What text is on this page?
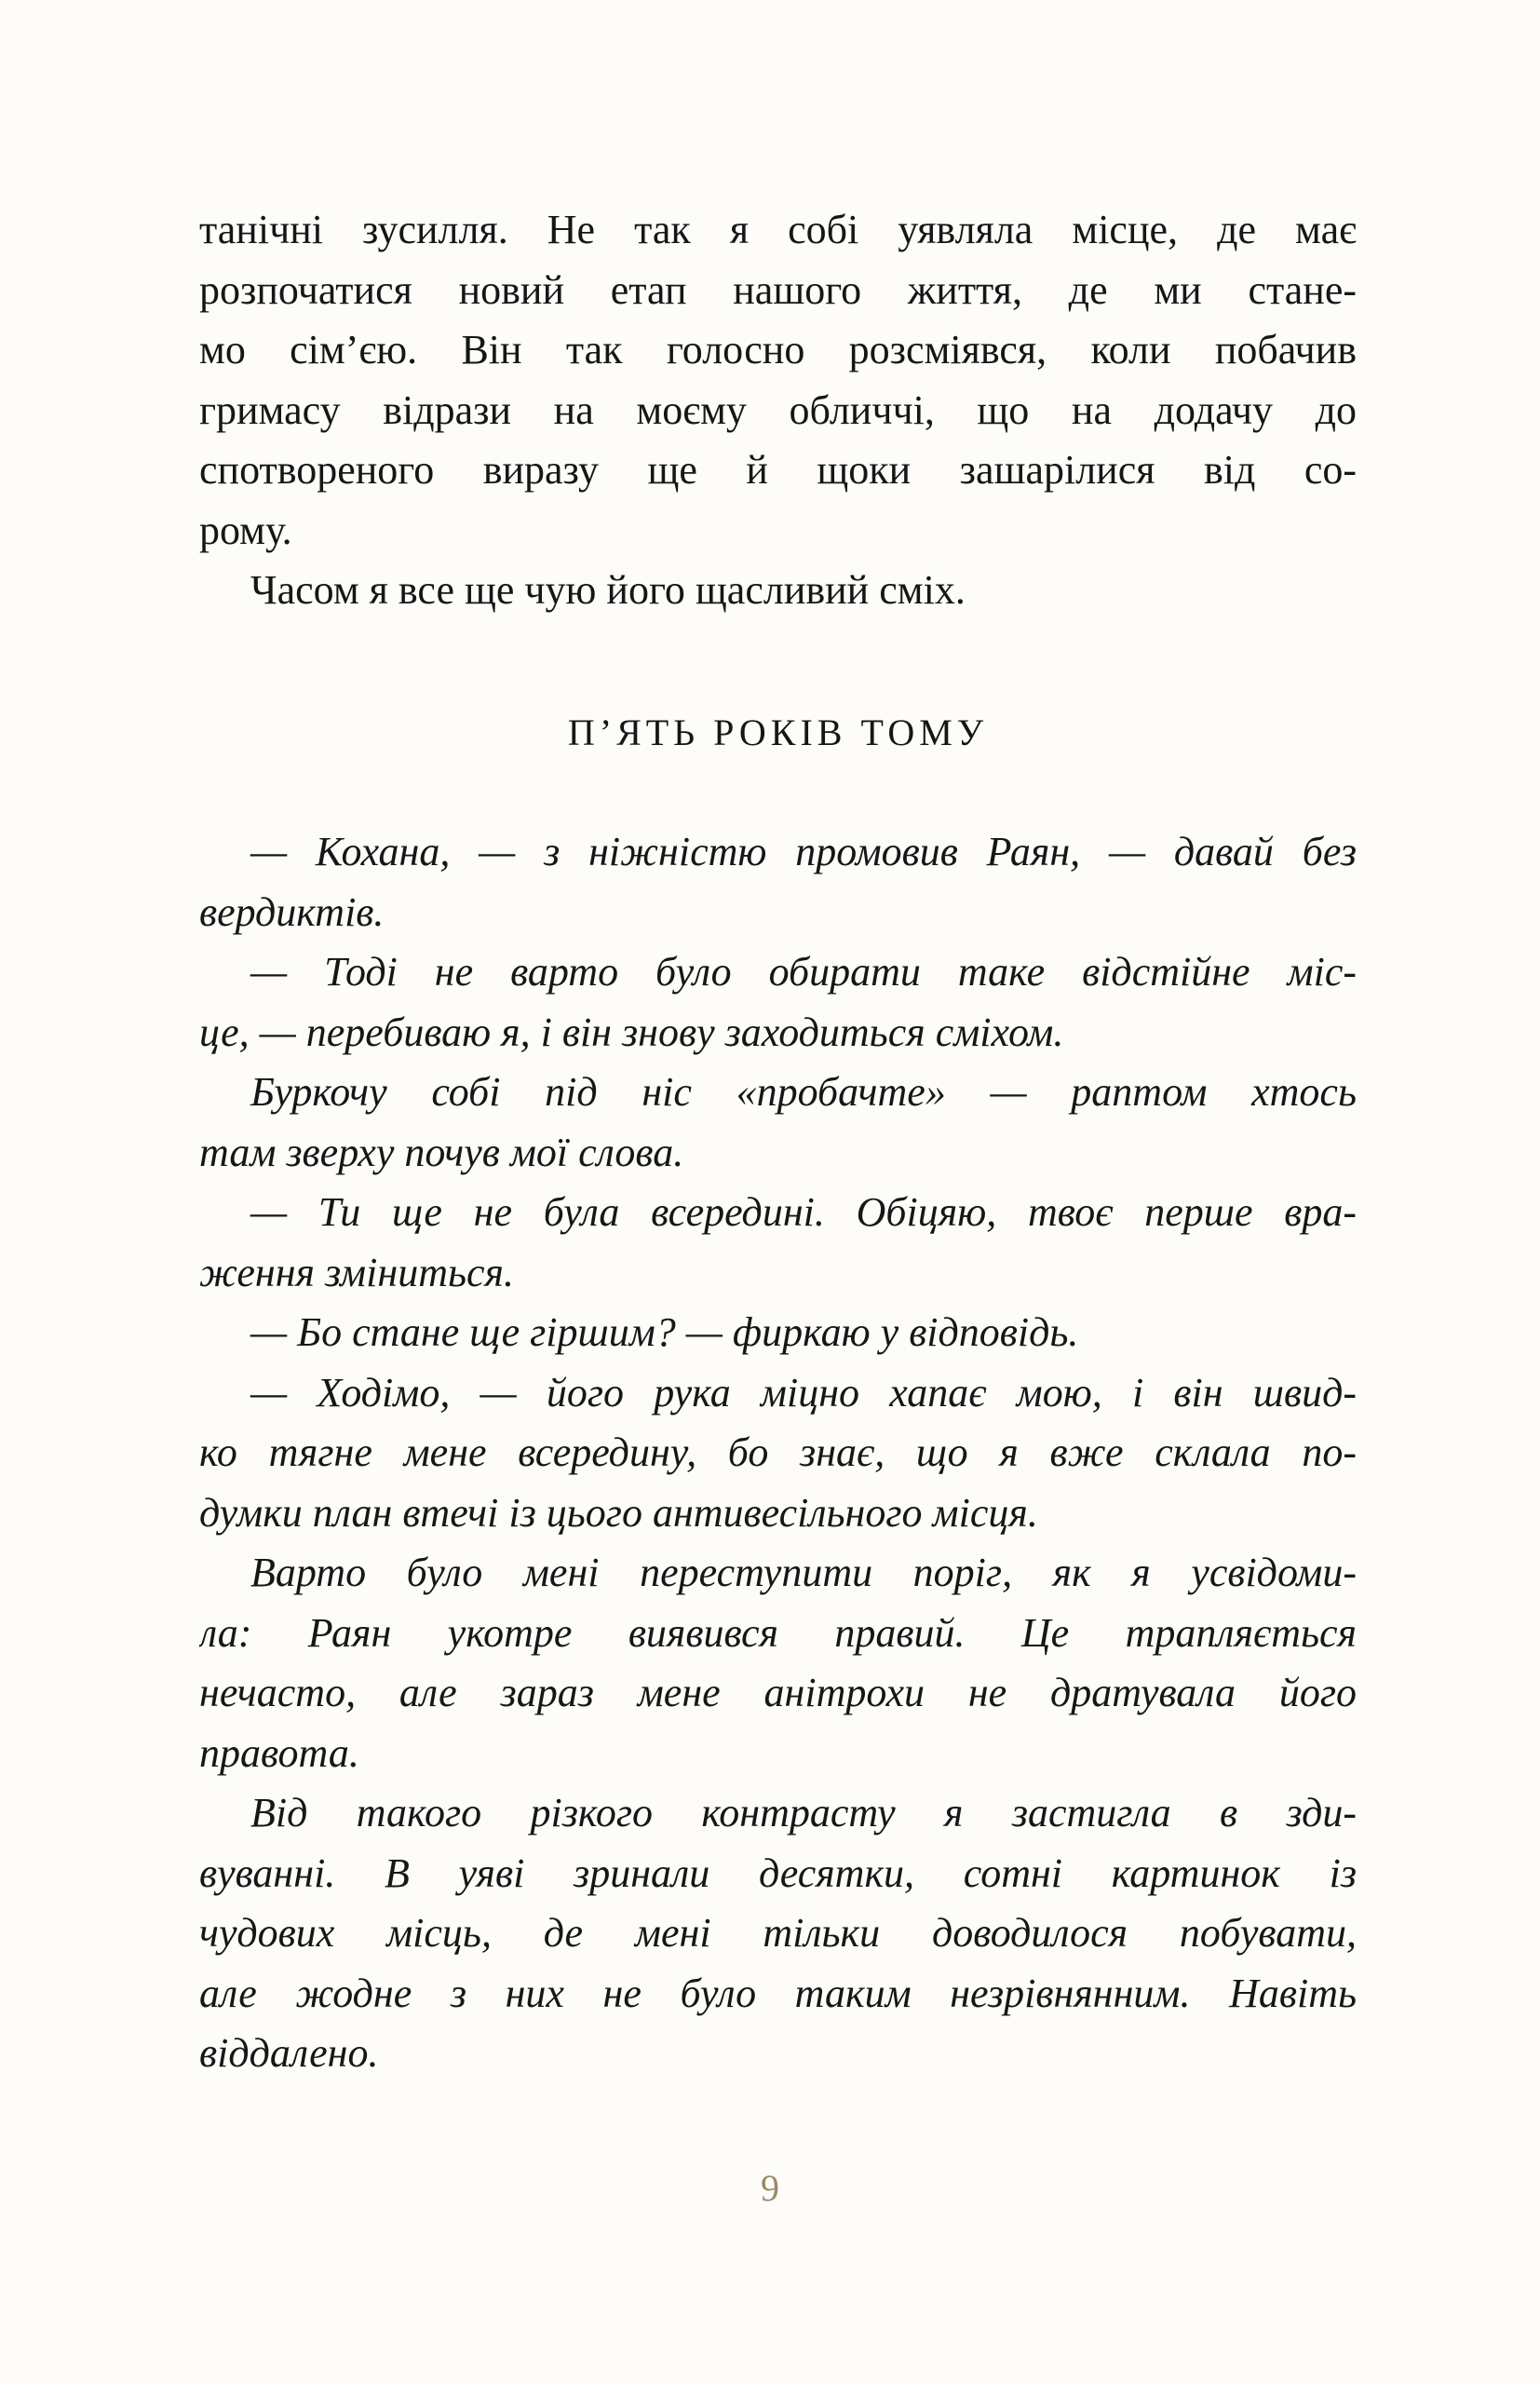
танічні зусилля. Не так я собі уявляла місце, де має
розпочатися новий етап нашого життя, де ми стане-
мо сім’єю. Він так голосно розсміявся, коли побачив
гримасу відрази на моєму обличчі, що на додачу до
спотвореного виразу ще й щоки зашарілися від со-
рому.
Часом я все ще чую його щасливий сміх.
П’ЯТЬ РОКІВ ТОМУ
— Кохана, — з ніжністю промовив Раян, — давай без
вердиктів.
— Тоді не варто було обирати таке відстійне міс-
це, — перебиваю я, і він знову заходиться сміхом.
Буркочу собі під ніс «пробачте» — раптом хтось
там зверху почув мої слова.
— Ти ще не була всередині. Обіцяю, твоє перше вра-
ження зміниться.
— Бо стане ще гіршим? — фиркаю у відповідь.
— Ходімо, — його рука міцно хапає мою, і він швид-
ко тягне мене всередину, бо знає, що я вже склала по-
думки план втечі із цього антивесільного місця.
Варто було мені переступити поріг, як я усвідоми-
ла: Раян укотре виявився правий. Це трапляється
нечасто, але зараз мене анітрохи не дратувала його
правота.
Від такого різкого контрасту я застигла в зди-
вуванні. В уяві зринали десятки, сотні картинок із
чудових місць, де мені тільки доводилося побувати,
але жодне з них не було таким незрівнянним. Навіть
віддалено.
9
